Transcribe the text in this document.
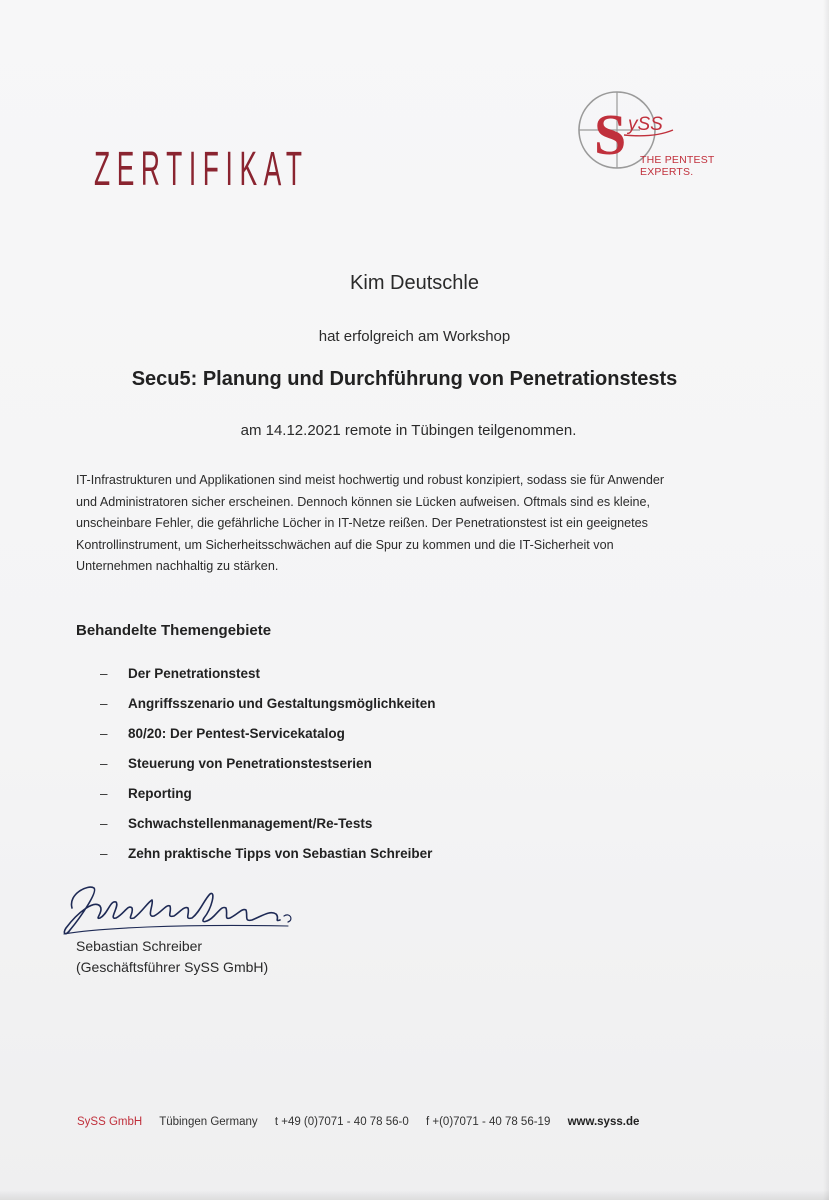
ZERTIFIKAT
S ySS
THE PENTEST
EXPERTS.
Kim Deutschle
hat erfolgreich am Workshop
Secu5: Planung und Durchführung von Penetrationstests
am 14.12.2021 remote in Tübingen teilgenommen.
IT-Infrastrukturen und Applikationen sind meist hochwertig und robust konzipiert, sodass sie für Anwender
und Administratoren sicher erscheinen. Dennoch können sie Lücken aufweisen. Oftmals sind es kleine,
unscheinbare Fehler, die gefährliche Löcher in IT-Netze reißen. Der Penetrationstest ist ein geeignetes
Kontrollinstrument, um Sicherheitsschwächen auf die Spur zu kommen und die IT-Sicherheit von
Unternehmen nachhaltig zu stärken.
Behandelte Themengebiete
– Der Penetrationstest
– Angriffsszenario und Gestaltungsmöglichkeiten
– 80/20: Der Pentest-Servicekatalog
– Steuerung von Penetrationstestserien
– Reporting
– Schwachstellenmanagement/Re-Tests
– Zehn praktische Tipps von Sebastian Schreiber
Sebastian Schreiber
(Geschäftsführer SySS GmbH)
SySS GmbH Tübingen Germany t +49 (0)7071 - 40 78 56-0 f +(0)7071 - 40 78 56-19 www.syss.de
